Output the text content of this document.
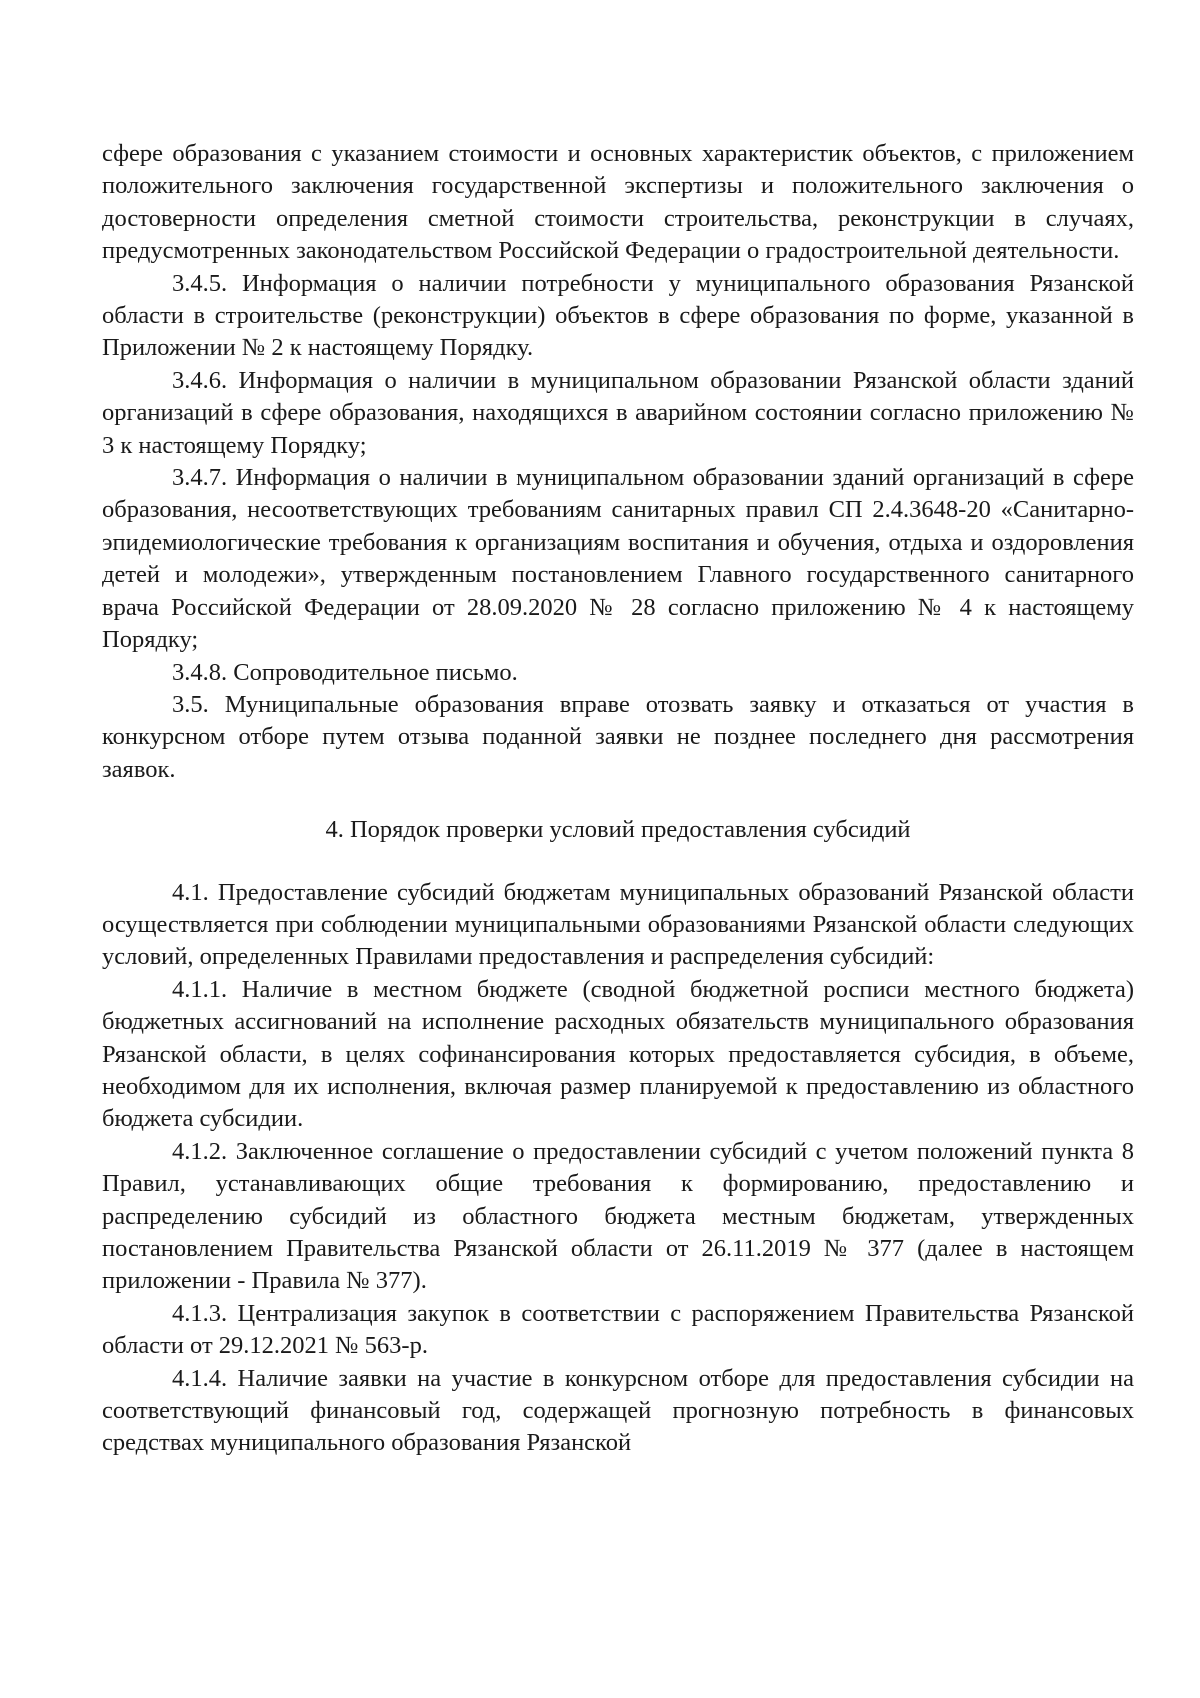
сфере образования с указанием стоимости и основных характеристик объектов, с приложением положительного заключения государственной экспертизы и положительного заключения о достоверности определения сметной стоимости строительства, реконструкции в случаях, предусмотренных законодательством Российской Федерации о градостроительной деятельности.

3.4.5. Информация о наличии потребности у муниципального образования Рязанской области в строительстве (реконструкции) объектов в сфере образования по форме, указанной в Приложении № 2 к настоящему Порядку.

3.4.6. Информация о наличии в муниципальном образовании Рязанской области зданий организаций в сфере образования, находящихся в аварийном состоянии согласно приложению № 3 к настоящему Порядку;

3.4.7. Информация о наличии в муниципальном образовании зданий организаций в сфере образования, несоответствующих требованиям санитарных правил СП 2.4.3648-20 «Санитарно-эпидемиологические требования к организациям воспитания и обучения, отдыха и оздоровления детей и молодежи», утвержденным постановлением Главного государственного санитарного врача Российской Федерации от 28.09.2020 № 28 согласно приложению № 4 к настоящему Порядку;

3.4.8. Сопроводительное письмо.

3.5. Муниципальные образования вправе отозвать заявку и отказаться от участия в конкурсном отборе путем отзыва поданной заявки не позднее последнего дня рассмотрения заявок.

4. Порядок проверки условий предоставления субсидий

4.1. Предоставление субсидий бюджетам муниципальных образований Рязанской области осуществляется при соблюдении муниципальными образованиями Рязанской области следующих условий, определенных Правилами предоставления и распределения субсидий:

4.1.1. Наличие в местном бюджете (сводной бюджетной росписи местного бюджета) бюджетных ассигнований на исполнение расходных обязательств муниципального образования Рязанской области, в целях софинансирования которых предоставляется субсидия, в объеме, необходимом для их исполнения, включая размер планируемой к предоставлению из областного бюджета субсидии.

4.1.2. Заключенное соглашение о предоставлении субсидий с учетом положений пункта 8 Правил, устанавливающих общие требования к формированию, предоставлению и распределению субсидий из областного бюджета местным бюджетам, утвержденных постановлением Правительства Рязанской области от 26.11.2019 № 377 (далее в настоящем приложении - Правила № 377).

4.1.3. Централизация закупок в соответствии с распоряжением Правительства Рязанской области от 29.12.2021 № 563-р.

4.1.4. Наличие заявки на участие в конкурсном отборе для предоставления субсидии на соответствующий финансовый год, содержащей прогнозную потребность в финансовых средствах муниципального образования Рязанской
